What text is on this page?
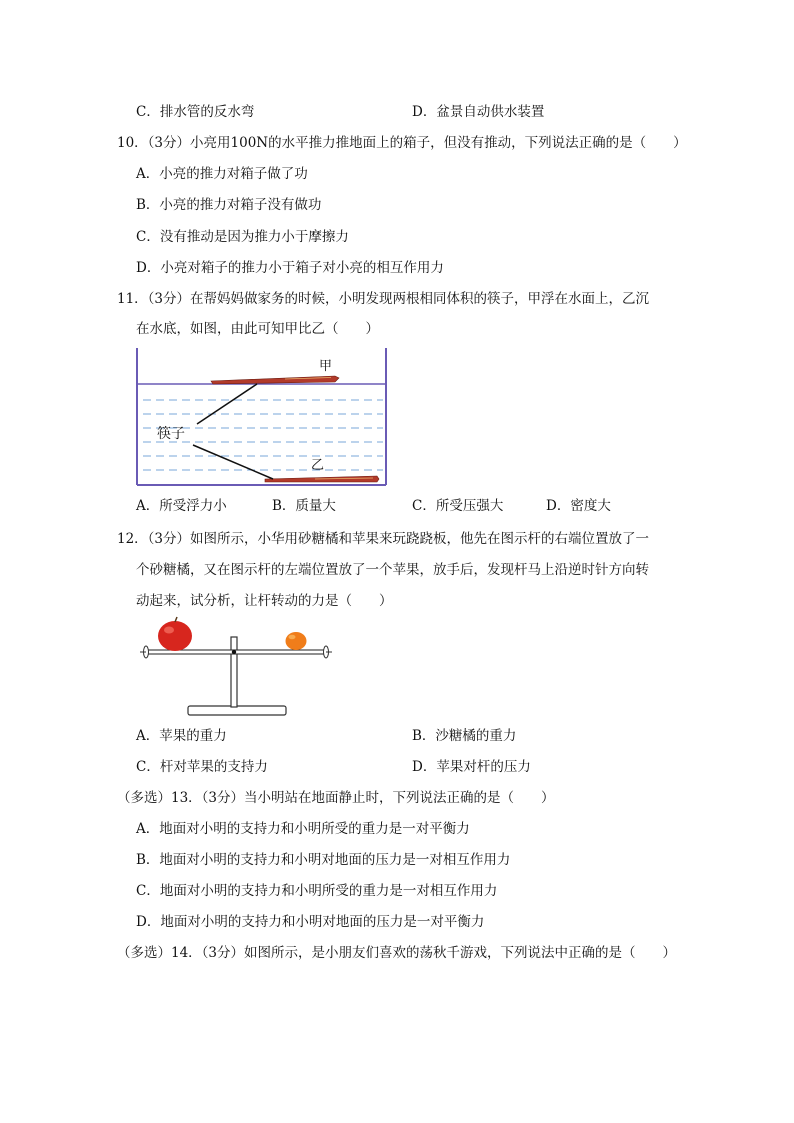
C．排水管的反水弯	D．盆景自动供水装置
10．（3分）小亮用100N的水平推力推地面上的箱子，但没有推动，下列说法正确的是（　　）
A．小亮的推力对箱子做了功
B．小亮的推力对箱子没有做功
C．没有推动是因为推力小于摩擦力
D．小亮对箱子的推力小于箱子对小亮的相互作用力
11．（3分）在帮妈妈做家务的时候，小明发现两根相同体积的筷子，甲浮在水面上，乙沉
在水底，如图，由此可知甲比乙（　　）
甲
筷子
乙
A．所受浮力小	B．质量大	C．所受压强大	D．密度大
12．（3分）如图所示，小华用砂糖橘和苹果来玩跷跷板，他先在图示杆的右端位置放了一
个砂糖橘，又在图示杆的左端位置放了一个苹果，放手后，发现杆马上沿逆时针方向转
动起来，试分析，让杆转动的力是（　　）
A．苹果的重力	B．沙糖橘的重力
C．杆对苹果的支持力	D．苹果对杆的压力
（多选）13．（3分）当小明站在地面静止时，下列说法正确的是（　　）
A．地面对小明的支持力和小明所受的重力是一对平衡力
B．地面对小明的支持力和小明对地面的压力是一对相互作用力
C．地面对小明的支持力和小明所受的重力是一对相互作用力
D．地面对小明的支持力和小明对地面的压力是一对平衡力
（多选）14．（3分）如图所示，是小朋友们喜欢的荡秋千游戏，下列说法中正确的是（　　）
